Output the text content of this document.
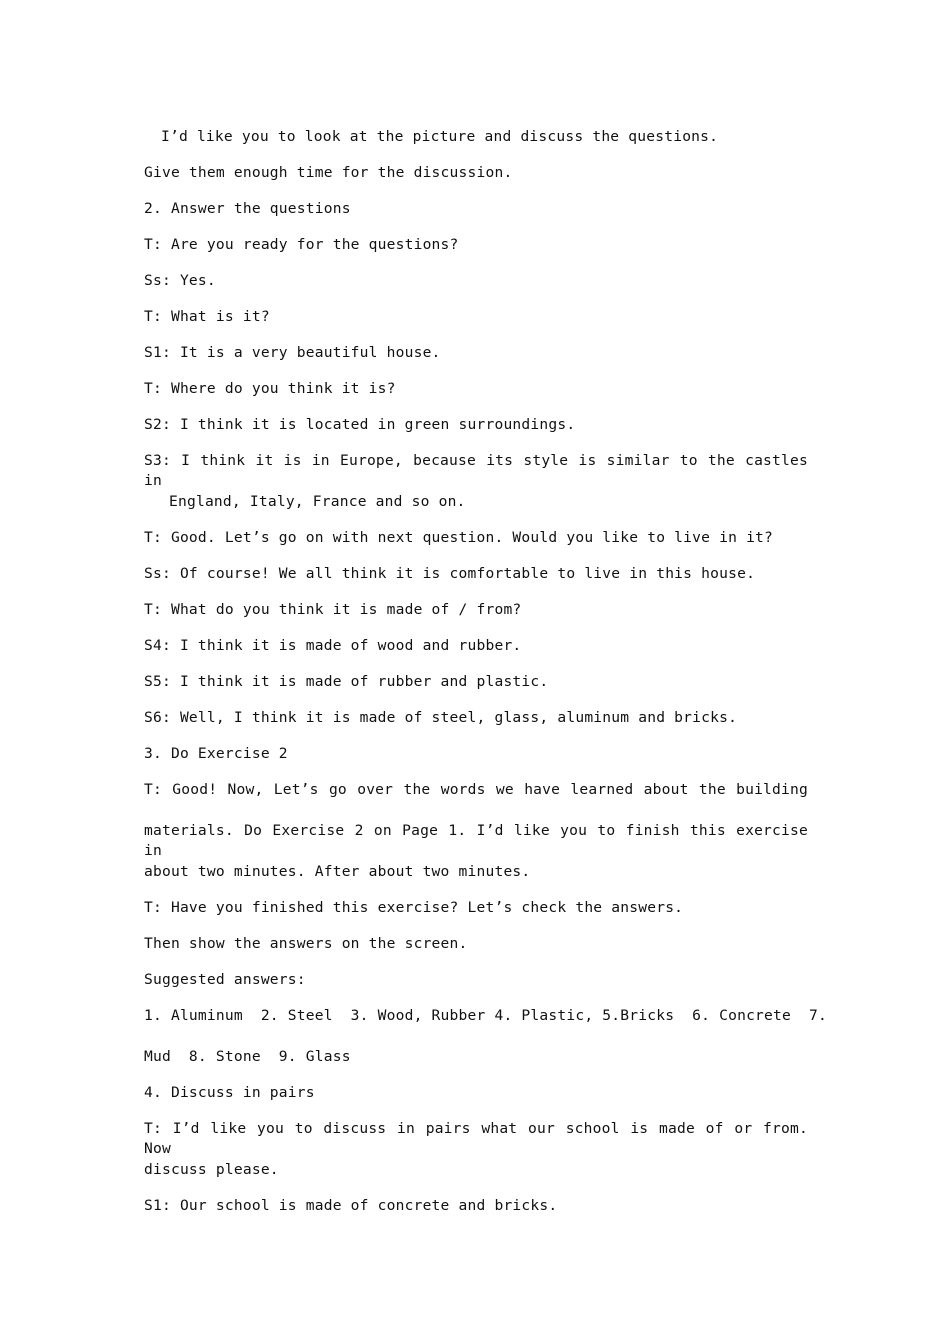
I’d like you to look at the picture and discuss the questions.
Give them enough time for the discussion.
2. Answer the questions
T: Are you ready for the questions?
Ss: Yes.
T: What is it?
S1: It is a very beautiful house.
T: Where do you think it is?
S2: I think it is located in green surroundings.
S3: I think it is in Europe, because its style is similar to the castles in
England, Italy, France and so on.
T: Good. Let’s go on with next question. Would you like to live in it?
Ss: Of course! We all think it is comfortable to live in this house.
T: What do you think it is made of / from?
S4: I think it is made of wood and rubber.
S5: I think it is made of rubber and plastic.
S6: Well, I think it is made of steel, glass, aluminum and bricks.
3. Do Exercise 2
T: Good! Now, Let’s go over the words we have learned about the building
materials. Do Exercise 2 on Page 1. I’d like you to finish this exercise in
about two minutes. After about two minutes.
T: Have you finished this exercise? Let’s check the answers.
Then show the answers on the screen.
Suggested answers:
1. Aluminum  2. Steel  3. Wood, Rubber 4. Plastic, 5.Bricks  6. Concrete  7.
Mud  8. Stone  9. Glass
4. Discuss in pairs
T: I’d like you to discuss in pairs what our school is made of or from. Now
discuss please.
S1: Our school is made of concrete and bricks.
